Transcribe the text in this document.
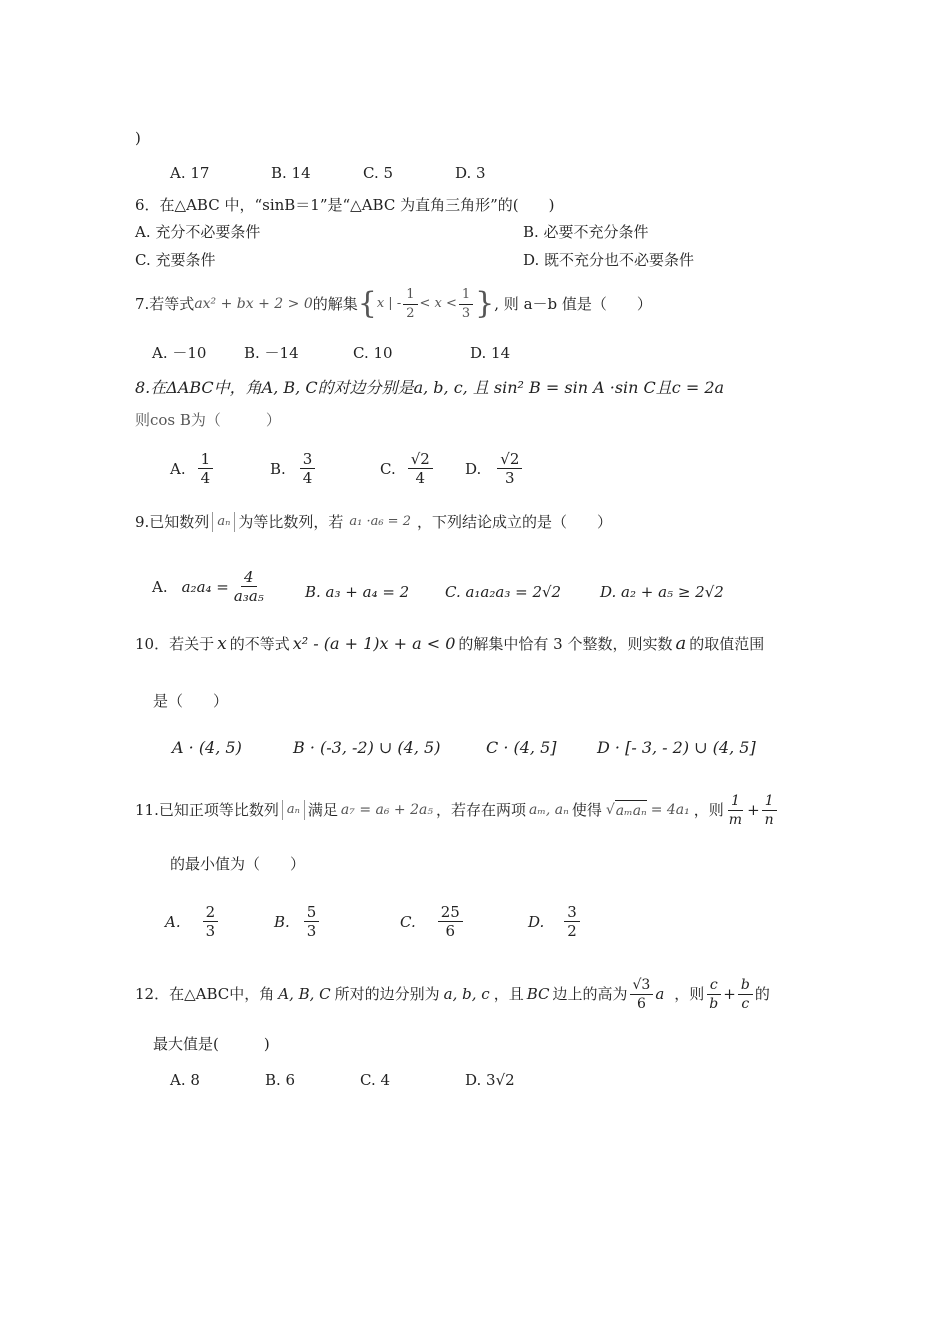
)
A. 17	B. 14	C. 5	D. 3
6．在△ABC 中，“sinB＝1”是“△ABC 为直角三角形”的(　　)
A. 充分不必要条件	B. 必要不充分条件
C. 充要条件	D. 既不充分也不必要条件
7.若等式 ax² + bx + 2 > 0 的解集 { x | - $\frac{1}{2} < x < \frac{1}{3}$ } , 则 a－b 值是（　　）
A. －10	B. －14	C. 10	D. 14
8.在ΔABC中，角A, B, C的对边分别是a, b, c, 且 sin² B = sin A ·sin C且c = 2a
则cos B为（　　　）
A. $\frac{1}{4}$	B. $\frac{3}{4}$	C. $\frac{√2}{4} D$. $\frac{√2}{3}$
9.已知数列 aₙ 为等比数列，若 a₁ ·a₆ = 2 ，下列结论成立的是（　　）
A. $a_2a_4 = \frac{4}{\text{a₃a₅}}$	B. a₃ + a₄ = 2 C. a₁a₂a₃ = 2√2	D. a₂ + a₅ ≥ 2√2
10．若关于 x 的不等式 x² - (a + 1)x + a < 0 的解集中恰有 3 个整数，则实数 a 的取值范围
是（　　）
A · (4, 5)	B · (-3, -2) ∪ (4, 5)	C · (4, 5]	D · [- 3, - 2) ∪ (4, 5]
11.已知正项等比数列 aₙ 满足 a₇ = a₆ + 2a₅ ，若存在两项 aₘ, aₙ 使得 √ aₘaₙ = 4a₁ ，则 $\frac{1}{m} + \frac{1}{n}$
的最小值为（　　）
A. $\frac{2}{3}$	B. $\frac{5}{3}$	C. $\frac{25}{6}$	D. $\frac{3}{2}$
12．在△ABC中，角 A, B, C 所对的边分别为 a, b, c ，且 BC 边上的高为 $\frac{√3}{6}$ a ，则 $\frac{c}{b} + \frac{b}{c}$ 的
最大值是(　　　)
A. 8	B. 6	C. 4	D. 3√2
